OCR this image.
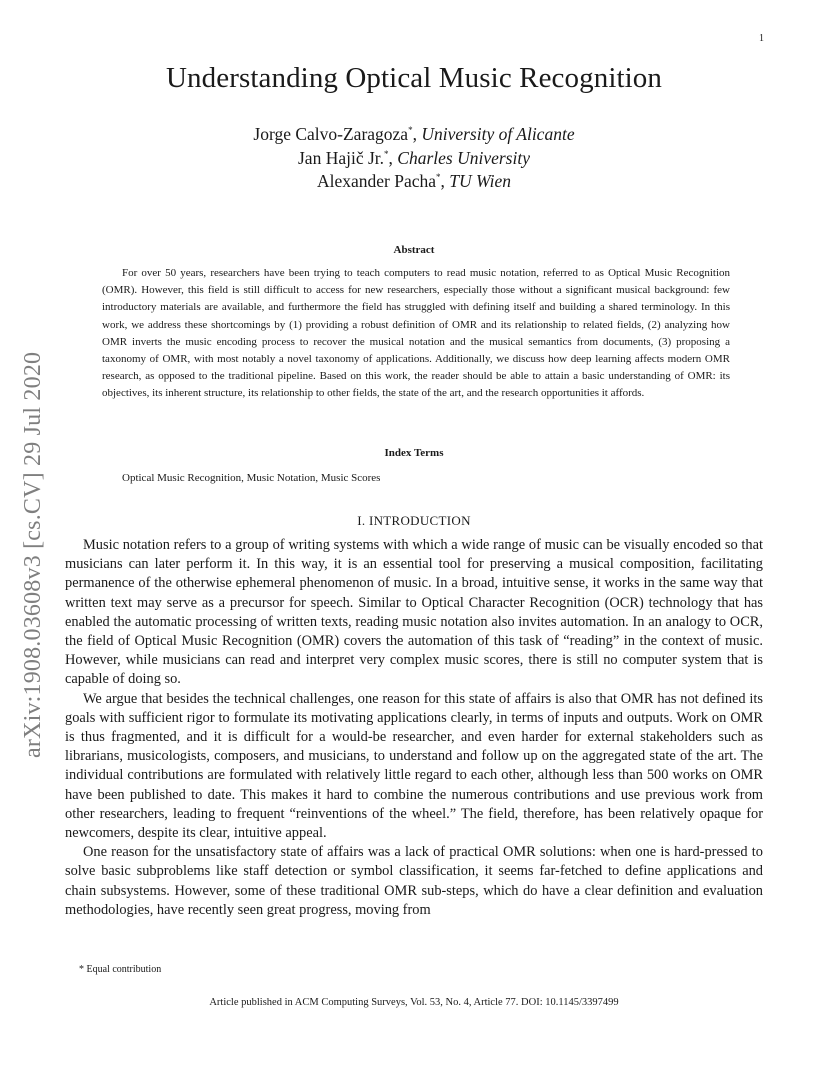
1
arXiv:1908.03608v3 [cs.CV] 29 Jul 2020
Understanding Optical Music Recognition
Jorge Calvo-Zaragoza*, University of Alicante
Jan Hajič Jr.*, Charles University
Alexander Pacha*, TU Wien
Abstract
For over 50 years, researchers have been trying to teach computers to read music notation, referred to as Optical Music Recognition (OMR). However, this field is still difficult to access for new researchers, especially those without a significant musical background: few introductory materials are available, and furthermore the field has struggled with defining itself and building a shared terminology. In this work, we address these shortcomings by (1) providing a robust definition of OMR and its relationship to related fields, (2) analyzing how OMR inverts the music encoding process to recover the musical notation and the musical semantics from documents, (3) proposing a taxonomy of OMR, with most notably a novel taxonomy of applications. Additionally, we discuss how deep learning affects modern OMR research, as opposed to the traditional pipeline. Based on this work, the reader should be able to attain a basic understanding of OMR: its objectives, its inherent structure, its relationship to other fields, the state of the art, and the research opportunities it affords.
Index Terms
Optical Music Recognition, Music Notation, Music Scores
I. INTRODUCTION

Music notation refers to a group of writing systems with which a wide range of music can be visually encoded so that musicians can later perform it. In this way, it is an essential tool for preserving a musical composition, facilitating permanence of the otherwise ephemeral phenomenon of music. In a broad, intuitive sense, it works in the same way that written text may serve as a precursor for speech. Similar to Optical Character Recognition (OCR) technology that has enabled the automatic processing of written texts, reading music notation also invites automation. In an analogy to OCR, the field of Optical Music Recognition (OMR) covers the automation of this task of “reading” in the context of music. However, while musicians can read and interpret very complex music scores, there is still no computer system that is capable of doing so.

We argue that besides the technical challenges, one reason for this state of affairs is also that OMR has not defined its goals with sufficient rigor to formulate its motivating applications clearly, in terms of inputs and outputs. Work on OMR is thus fragmented, and it is difficult for a would-be researcher, and even harder for external stakeholders such as librarians, musicologists, composers, and musicians, to understand and follow up on the aggregated state of the art. The individual contributions are formulated with relatively little regard to each other, although less than 500 works on OMR have been published to date. This makes it hard to combine the numerous contributions and use previous work from other researchers, leading to frequent “reinventions of the wheel.” The field, therefore, has been relatively opaque for newcomers, despite its clear, intuitive appeal.

One reason for the unsatisfactory state of affairs was a lack of practical OMR solutions: when one is hard-pressed to solve basic subproblems like staff detection or symbol classification, it seems far-fetched to define applications and chain subsystems. However, some of these traditional OMR sub-steps, which do have a clear definition and evaluation methodologies, have recently seen great progress, moving from

* Equal contribution
Article published in ACM Computing Surveys, Vol. 53, No. 4, Article 77. DOI: 10.1145/3397499
